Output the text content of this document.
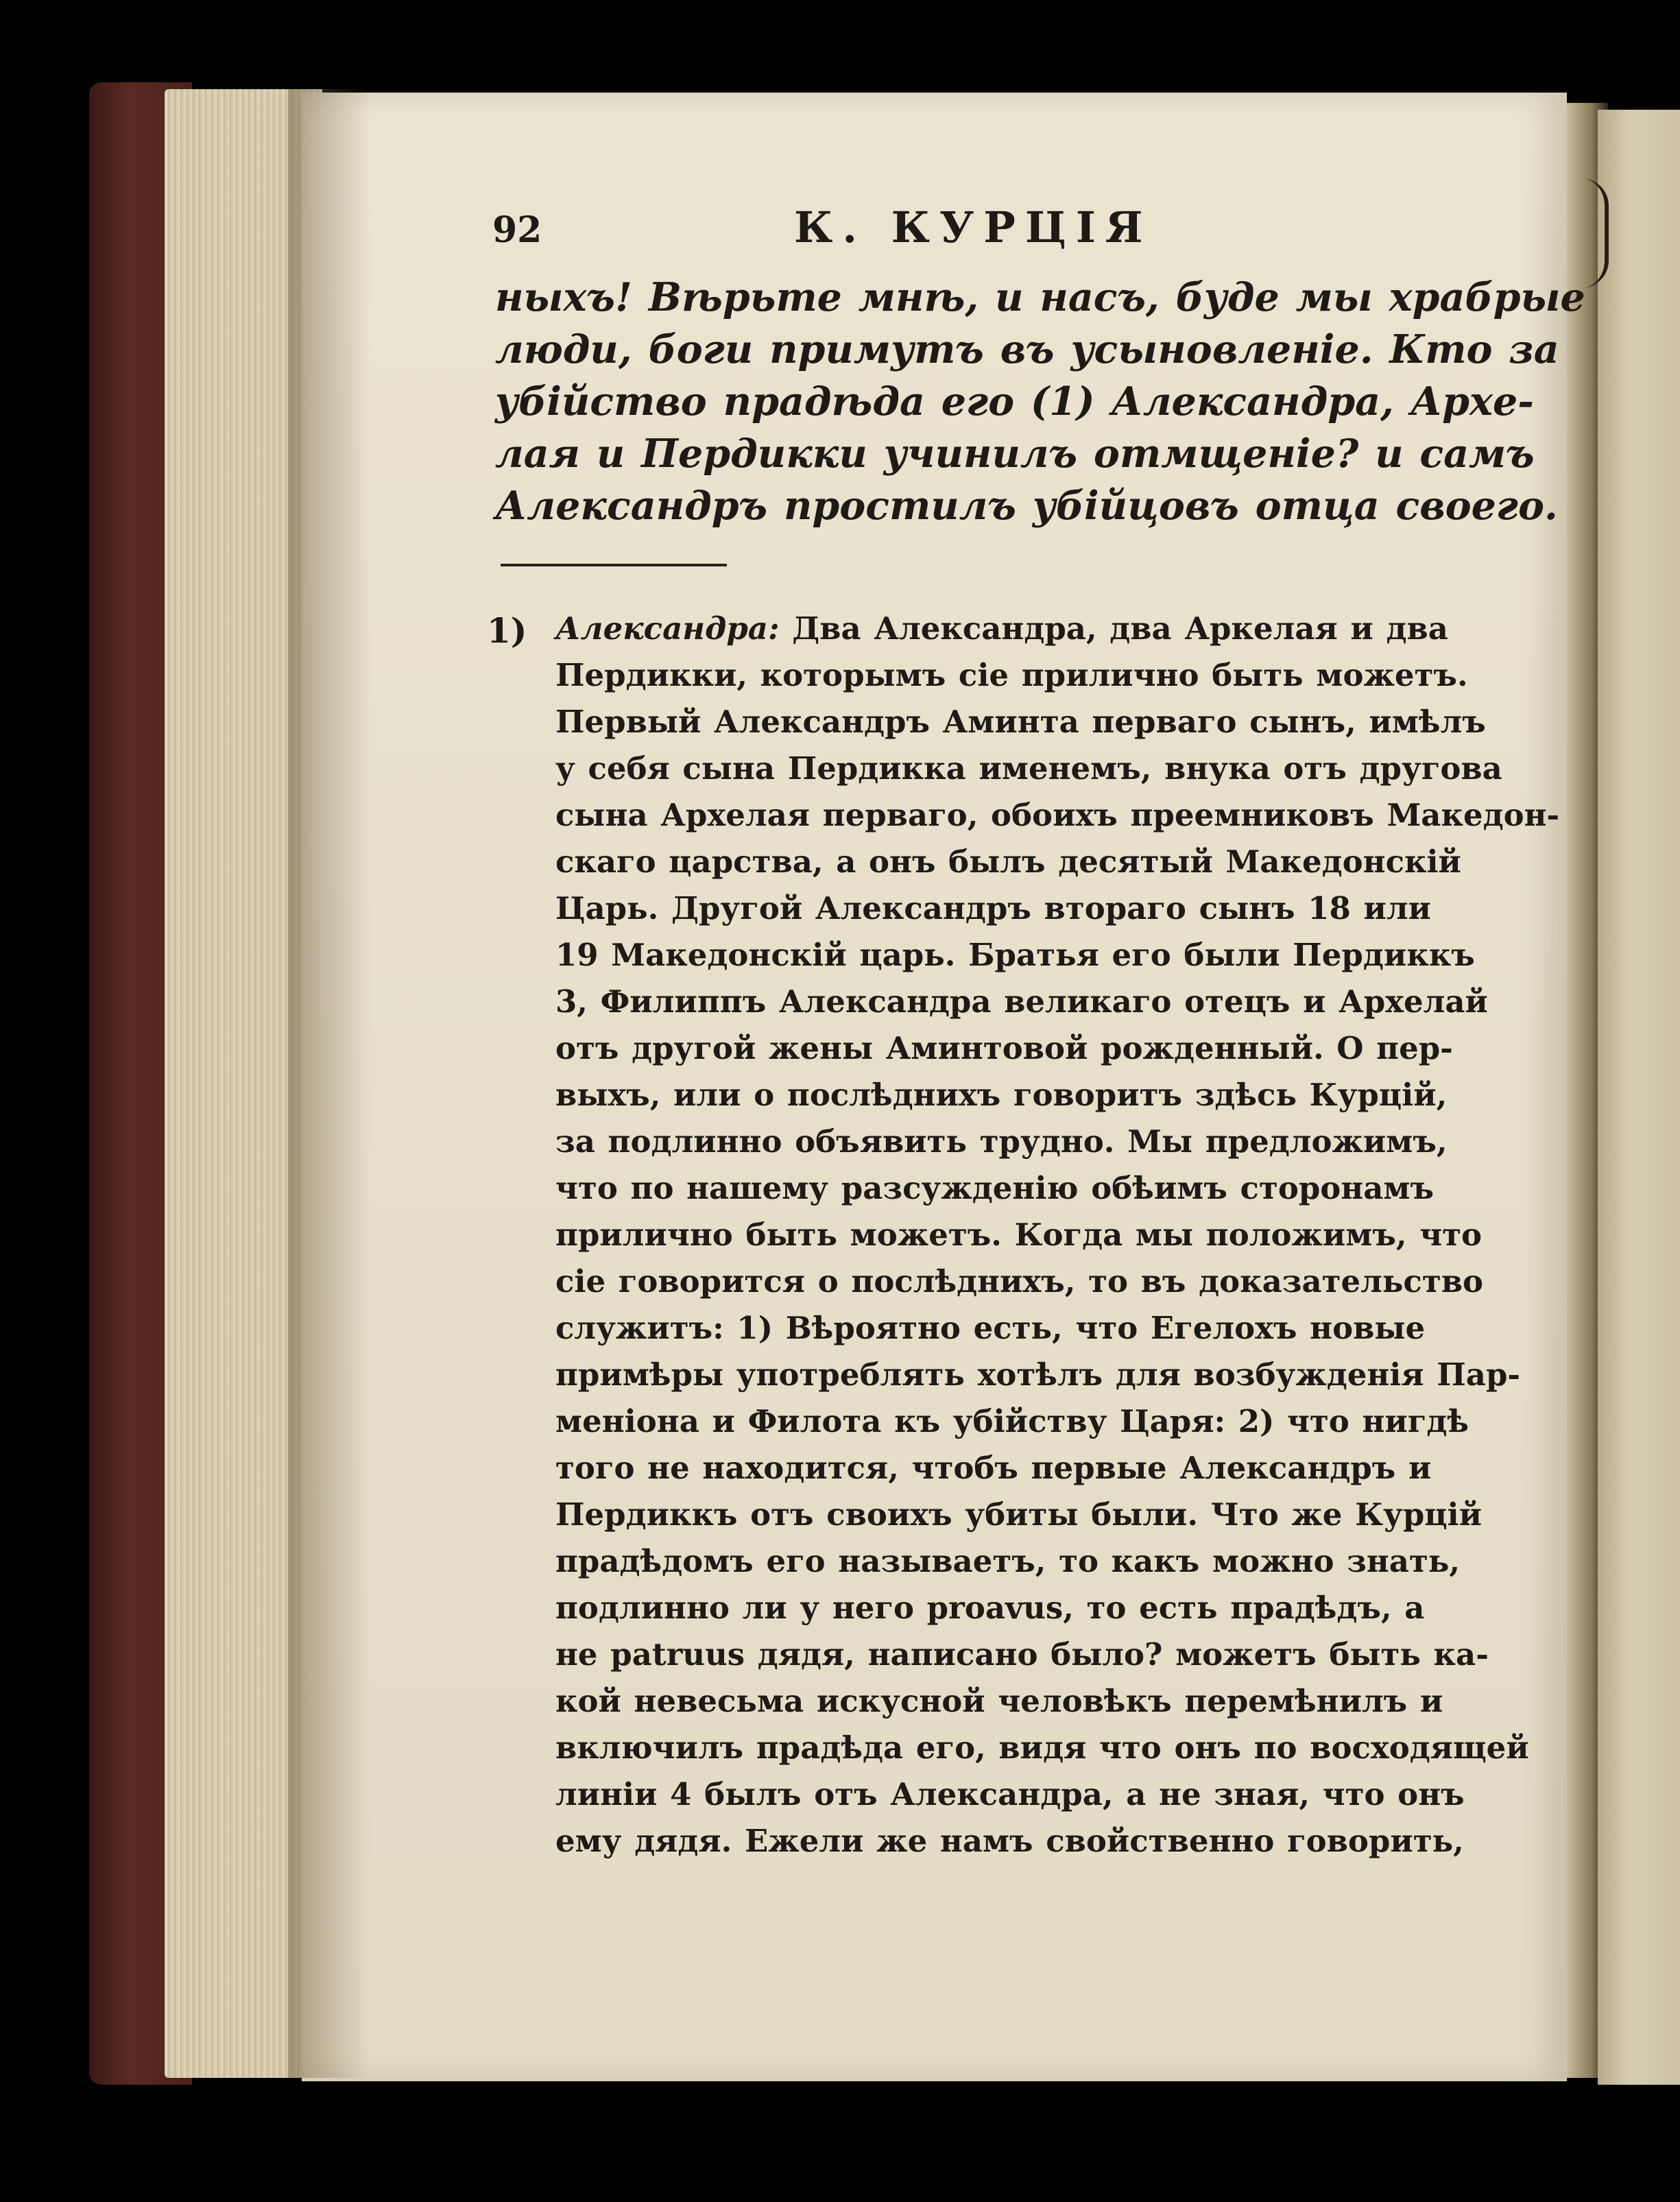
92	К. КУРЦІЯ
ныхъ! Вѣрьте мнѣ, и насъ, буде мы храбрые
люди, боги примутъ въ усыновленіе. Кто за
убійство прадѣда его (1) Александра, Архе-
лая и Пердикки учинилъ отмщеніе? и самъ
Александръ простилъ убійцовъ отца своего.
1) Александра: Два Александра, два Аркелая и два
Пердикки, которымъ сіе прилично быть можетъ.
Первый Александръ Аминта перваго сынъ, имѣлъ
у себя сына Пердикка именемъ, внука отъ другова
сына Архелая перваго, обоихъ преемниковъ Македон-
скаго царства, а онъ былъ десятый Македонскій
Царь. Другой Александръ втораго сынъ 18 или
19 Македонскій царь. Братья его были Пердиккъ
3, Филиппъ Александра великаго отецъ и Архелай
отъ другой жены Аминтовой рожденный. О пер-
выхъ, или о послѣднихъ говоритъ здѣсь Курцій,
за подлинно объявить трудно. Мы предложимъ,
что по нашему разсужденію обѣимъ сторонамъ
прилично быть можетъ. Когда мы положимъ, что
сіе говорится о послѣднихъ, то въ доказательство
служитъ: 1) Вѣроятно есть, что Егелохъ новые
примѣры употреблять хотѣлъ для возбужденія Пар-
меніона и Филота къ убійству Царя: 2) что нигдѣ
того не находится, чтобъ первые Александръ и
Пердиккъ отъ своихъ убиты были. Что же Курцій
прадѣдомъ его называетъ, то какъ можно знать,
подлинно ли у него proavus, то есть прадѣдъ, а
не patruus дядя, написано было? можетъ быть ка-
кой невесьма искусной человѣкъ перемѣнилъ и
включилъ прадѣда его, видя что онъ по восходящей
линіи 4 былъ отъ Александра, а не зная, что онъ
ему дядя. Ежели же намъ свойственно говорить,
